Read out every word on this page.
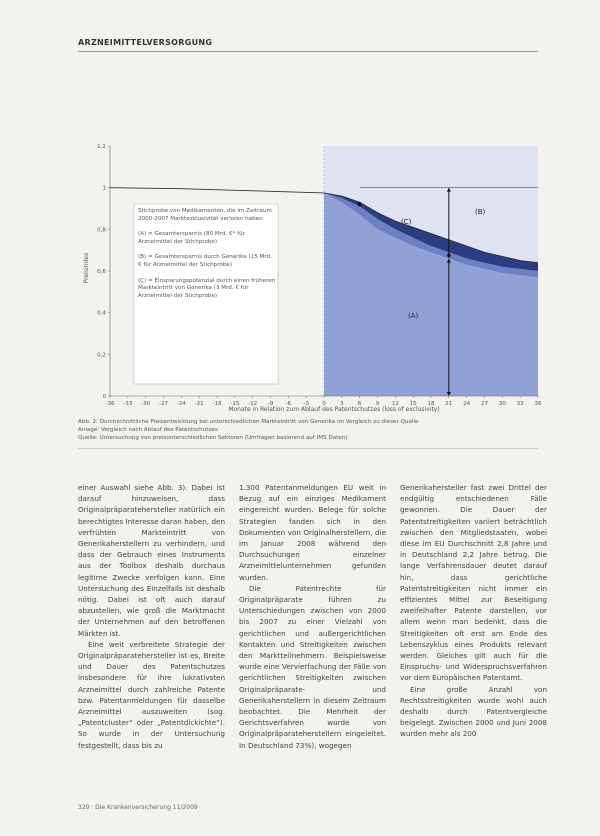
ARZNEIMITTELVERSORGUNG
0
0,2
0,4
0,6
0,8
1
1,2
-36 -33 -30 -27 -24 -21 -18 -15 -12 -9 -6 -3 0	3	6	9 12 15 18 21 24 27 30 33 36
Stichprobe von Medikamenten, die im Zeitraum 2000-2007 Marktexklusivität verloren haben
(A) = Gesamtersparnis (80 Mrd. €* für Arzneimittel der Stichprobe)
(B) = Gesamtersparnis durch Generika (15 Mrd. € für Arzneimittel der Stichprobe)
(C) = Einsparungspotenzial durch einen früheren Markteintritt von Generika (3 Mrd. € für Arzneimittel der Stichprobe)
(A)
(B)
(C)
Preisindex
Monate in Relation zum Ablauf des Patentschutzes (loss of exclusivity)
Abb. 2: Durchschnittliche Preisentwicklung bei unterschiedlichen Markteintritt von Generika im Vergleich zu dieser Quelle
Anlage: Vergleich nach Ablauf des Patentschutzes
Quelle: Untersuchung von preisunterschiedlichen Sektoren (Umfragen basierend auf IMS Daten)

einer Auswahl siehe Abb. 3). Dabei ist darauf hinzuweisen, dass Originalpräparatehersteller natürlich ein berechtigtes Interesse daran haben, den verfrühten Markteintritt von Generikaherstellern zu verhindern, und dass der Gebrauch eines Instruments aus der Toolbox deshalb durchaus legitime Zwecke verfolgen kann. Eine Untersuchung des Einzelfalls ist deshalb nötig. Dabei ist oft auch darauf abzustellen, wie groß die Marktmacht der Unternehmen auf den betroffenen Märkten ist.

Eine weit verbreitete Strategie der Originalpräparatehersteller ist es, Breite und Dauer des Patentschutzes insbesondere für ihre lukrativsten Arzneimittel durch zahlreiche Patente bzw. Patentanmeldungen für dasselbe Arzneimittel auszuweiten (sog. „Patentcluster“ oder „Patentdickichte“). So wurde in der Untersuchung festgestellt, dass bis zu

1.300 Patentanmeldungen EU weit in Bezug auf ein einziges Medikament eingereicht wurden. Belege für solche Strategien fanden sich in den Dokumenten von Originalherstellern, die im Januar 2008 während den Durchsuchungen einzelner Arzneimittelunternehmen gefunden wurden.

Die Patentrechte für Originalpräparate führen zu Unterschiedungen zwischen von 2000 bis 2007 zu einer Vielzahl von gerichtlichen und außergerichtlichen Kontakten und Streitigkeiten zwischen den Marktteilnehmern. Beispielsweise wurde eine Vervierfachung der Fälle von gerichtlichen Streitigkeiten zwischen Originalpräparate- und Generikaherstellern in diesem Zeitraum beobachtet. Die Mehrheit der Gerichtsverfahren wurde von Originalpräparateherstellern eingeleitet. In Deutschland 73%), wogegen

Generikahersteller fast zwei Drittel der endgültig entschiedenen Fälle gewonnen. Die Dauer der Patentstreitigkeiten variiert beträchtlich zwischen den Mitgliedstaaten, wobei diese im EU Durchschnitt 2,8 Jahre und in Deutschland 2,2 Jahre betrug. Die lange Verfahrensdauer deutet darauf hin, dass gerichtliche Patentstreitigkeiten nicht immer ein effizientes Mittel zur Beseitigung zweifelhafter Patente darstellen, vor allem wenn man bedenkt, dass die Streitigkeiten oft erst am Ende des Lebenszyklus eines Produkts relevant werden. Gleiches gilt auch für die Einspruchs- und Widerspruchsverfahren vor dem Europäischen Patentamt.

Eine große Anzahl von Rechtsstreitigkeiten wurde wohl auch deshalb durch Patentvergleiche beigelegt. Zwischen 2000 und Juni 2008 wurden mehr als 200

320 · Die Krankenversicherung 11/2009
